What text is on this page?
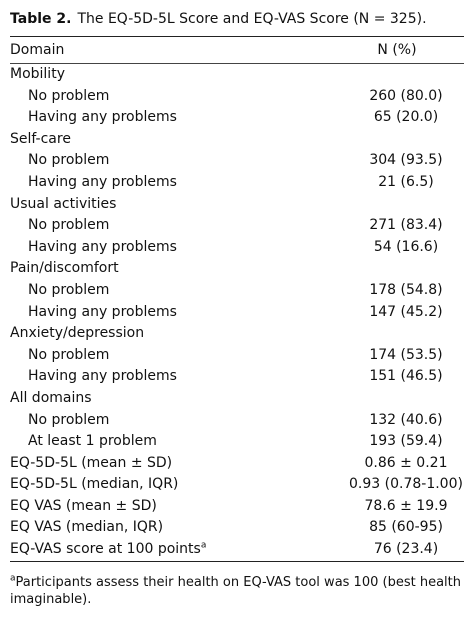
Table 2. The EQ-5D-5L Score and EQ-VAS Score (N = 325).
Domain	N (%)
Mobility	
No problem	260 (80.0)
Having any problems	65 (20.0)
Self-care	
No problem	304 (93.5)
Having any problems	21 (6.5)
Usual activities	
No problem	271 (83.4)
Having any problems	54 (16.6)
Pain/discomfort	
No problem	178 (54.8)
Having any problems	147 (45.2)
Anxiety/depression	
No problem	174 (53.5)
Having any problems	151 (46.5)
All domains	
No problem	132 (40.6)
At least 1 problem	193 (59.4)
EQ-5D-5L (mean ± SD)	0.86 ± 0.21
EQ-5D-5L (median, IQR)	0.93 (0.78-1.00)
EQ VAS (mean ± SD)	78.6 ± 19.9
EQ VAS (median, IQR)	85 (60-95)
EQ-VAS score at 100 points$^a$	76 (23.4)
$^a$Participants assess their health on EQ-VAS tool was 100 (best health imaginable).
